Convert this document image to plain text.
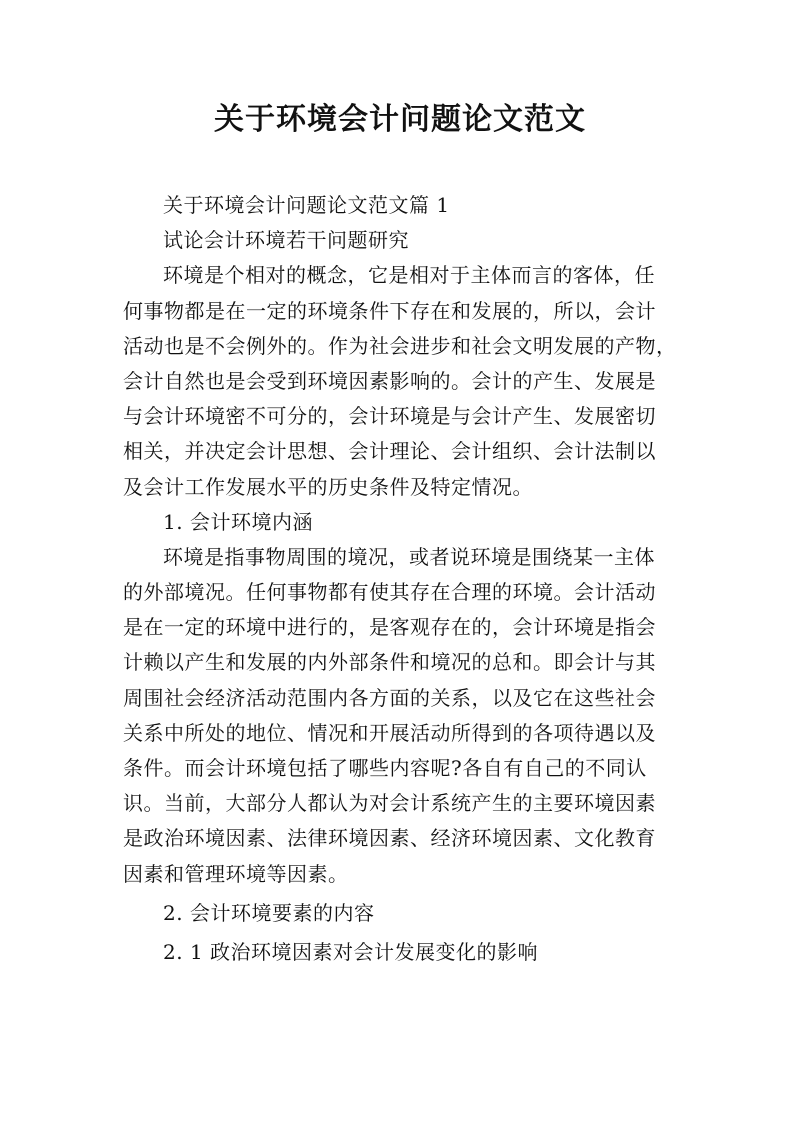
关于环境会计问题论文范文
关于环境会计问题论文范文篇 1
试论会计环境若干问题研究
环境是个相对的概念，它是相对于主体而言的客体，任
何事物都是在一定的环境条件下存在和发展的，所以，会计
活动也是不会例外的。作为社会进步和社会文明发展的产物，
会计自然也是会受到环境因素影响的。会计的产生、发展是
与会计环境密不可分的，会计环境是与会计产生、发展密切
相关，并决定会计思想、会计理论、会计组织、会计法制以
及会计工作发展水平的历史条件及特定情况。
1. 会计环境内涵
环境是指事物周围的境况，或者说环境是围绕某一主体
的外部境况。任何事物都有使其存在合理的环境。会计活动
是在一定的环境中进行的，是客观存在的，会计环境是指会
计赖以产生和发展的内外部条件和境况的总和。即会计与其
周围社会经济活动范围内各方面的关系，以及它在这些社会
关系中所处的地位、情况和开展活动所得到的各项待遇以及
条件。而会计环境包括了哪些内容呢?各自有自己的不同认
识。当前，大部分人都认为对会计系统产生的主要环境因素
是政治环境因素、法律环境因素、经济环境因素、文化教育
因素和管理环境等因素。
2. 会计环境要素的内容
2. 1 政治环境因素对会计发展变化的影响
